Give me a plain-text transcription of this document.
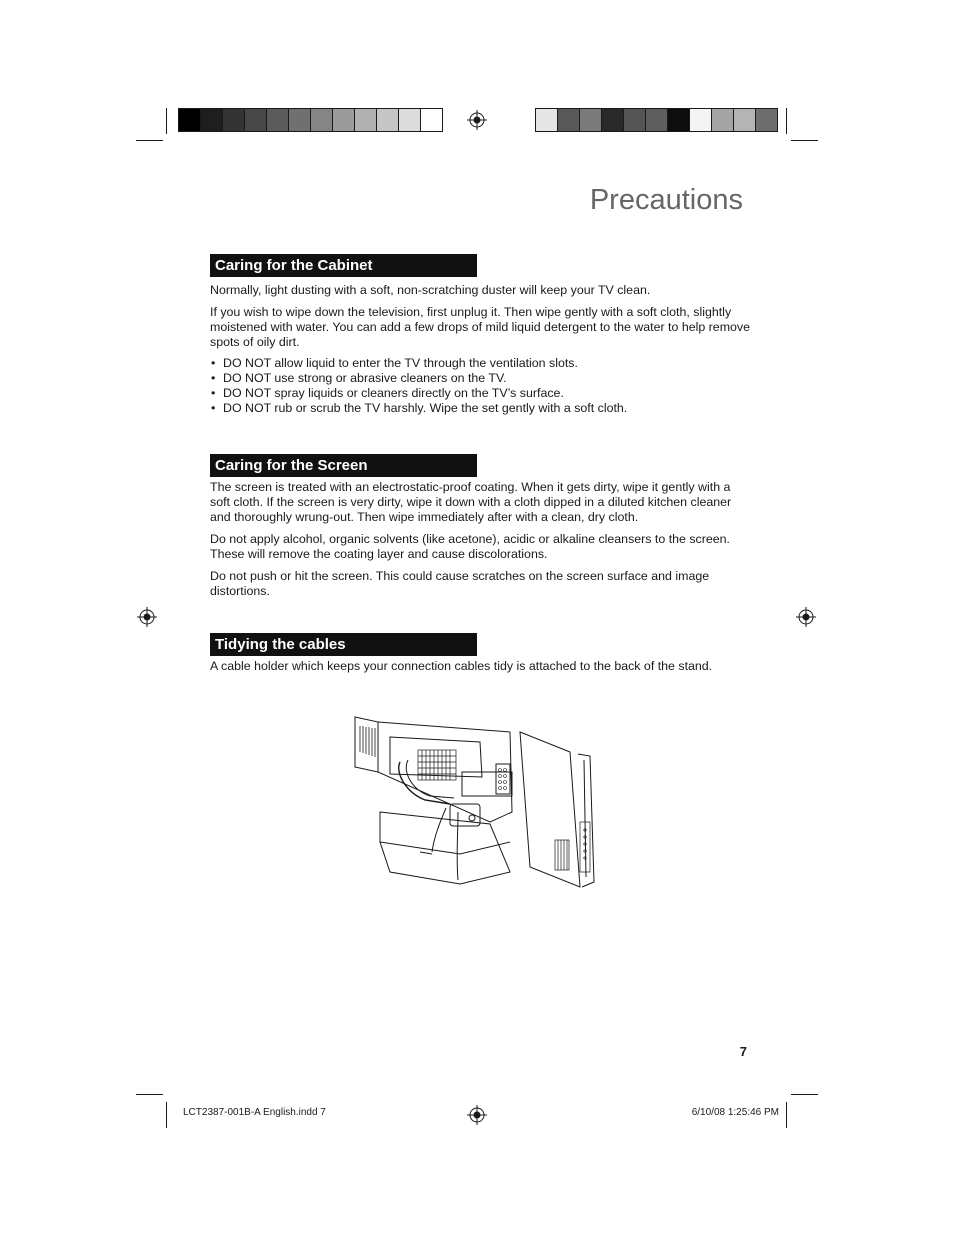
Precautions
Caring for the Cabinet

Normally, light dusting with a soft, non-scratching duster will keep your TV clean.

If you wish to wipe down the television, first unplug it. Then wipe gently with a soft cloth, slightly moistened with water. You can add a few drops of mild liquid detergent to the water to help remove spots of oily dirt.

• DO NOT allow liquid to enter the TV through the ventilation slots.
• DO NOT use strong or abrasive cleaners on the TV.
• DO NOT spray liquids or cleaners directly on the TV’s surface.
• DO NOT rub or scrub the TV harshly. Wipe the set gently with a soft cloth.
Caring for the Screen

The screen is treated with an electrostatic-proof coating. When it gets dirty, wipe it gently with a soft cloth. If the screen is very dirty, wipe it down with a cloth dipped in a diluted kitchen cleaner and thoroughly wrung-out. Then wipe immediately after with a clean, dry cloth.

Do not apply alcohol, organic solvents (like acetone), acidic or alkaline cleansers to the screen. These will remove the coating layer and cause discolorations.

Do not push or hit the screen. This could cause scratches on the screen surface and image distortions.

Tidying the cables

A cable holder which keeps your connection cables tidy is attached to the back of the stand.

7
LCT2387-001B-A English.indd 7	6/10/08 1:25:46 PM
